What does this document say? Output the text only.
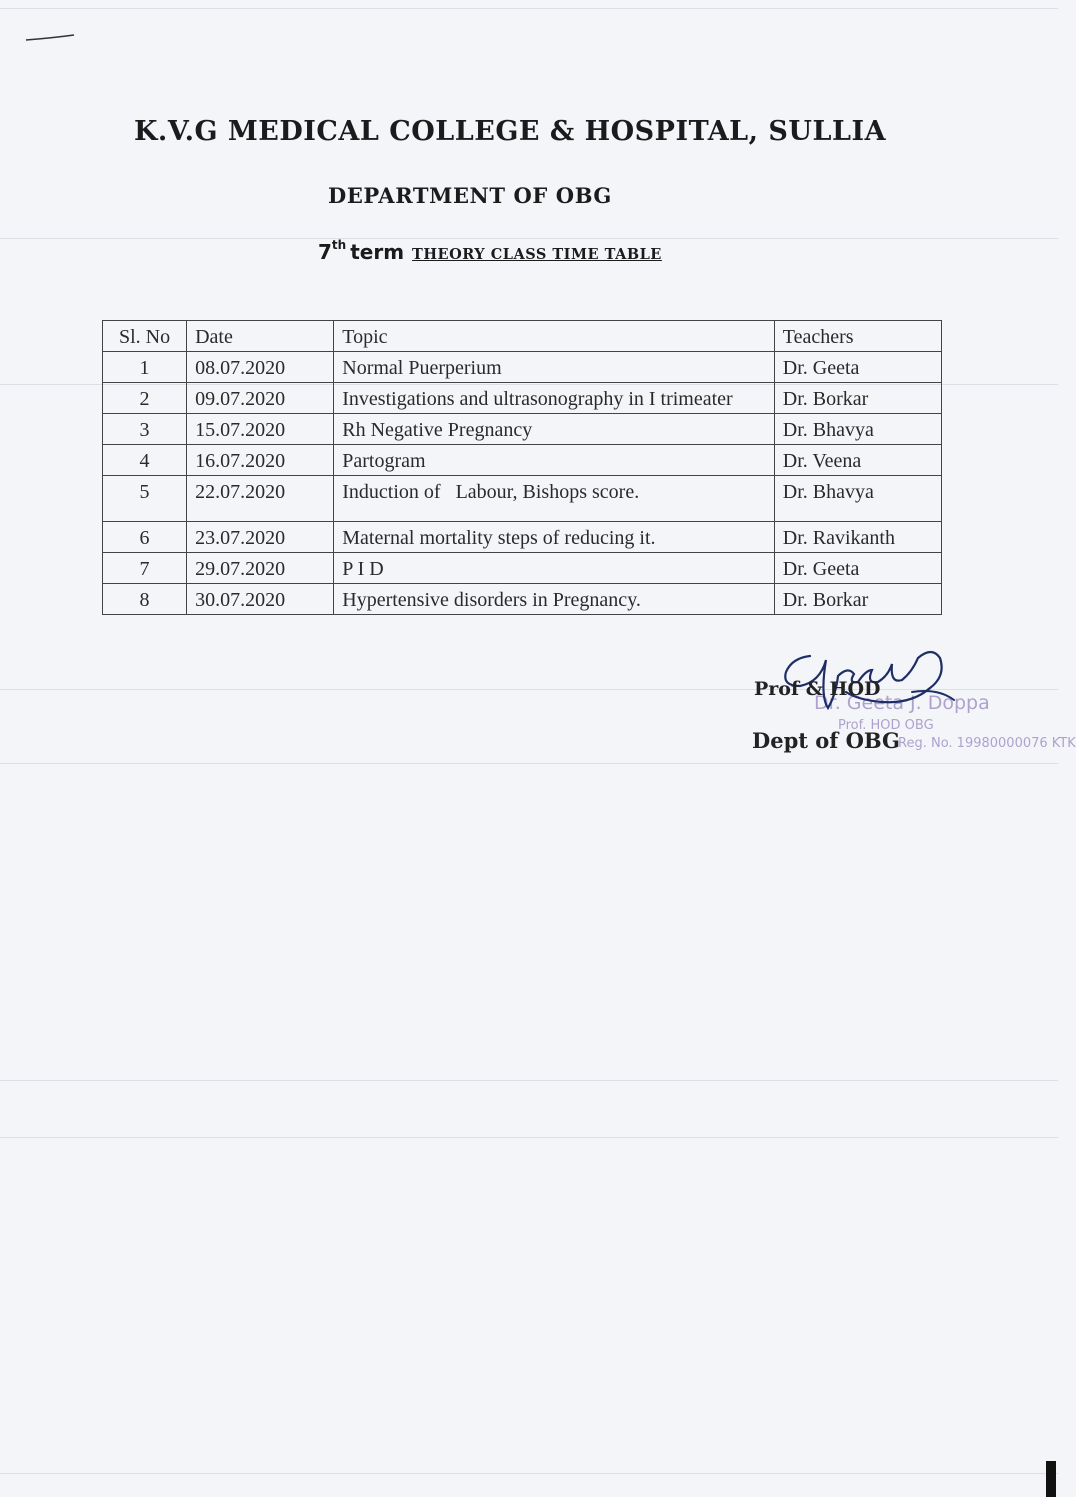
K.V.G MEDICAL COLLEGE & HOSPITAL, SULLIA
DEPARTMENT OF OBG
7th term THEORY CLASS TIME TABLE
Sl. No	Date	Topic	Teachers
1	08.07.2020	Normal Puerperium	Dr. Geeta
2	09.07.2020	Investigations and ultrasonography in I trimeater	Dr. Borkar
3	15.07.2020	Rh Negative Pregnancy	Dr. Bhavya
4	16.07.2020	Partogram	Dr. Veena
5	22.07.2020	Induction of   Labour, Bishops score.	Dr. Bhavya
6	23.07.2020	Maternal mortality steps of reducing it.	Dr. Ravikanth
7	29.07.2020	P I D	Dr. Geeta
8	30.07.2020	Hypertensive disorders in Pregnancy.	Dr. Borkar
Dr. Geeta J. Doppa
Prof. HOD OBG
Reg. No. 19980000076 KTK
Prof & HOD
Dept of OBG
